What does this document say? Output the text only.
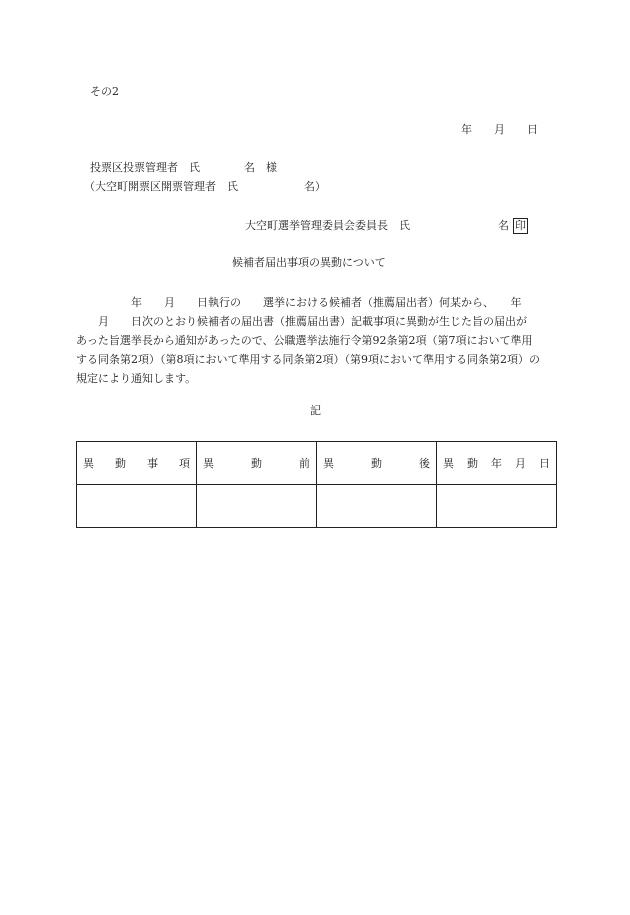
その2
年　　月　　日
投票区投票管理者　氏　　　　名　様
（大空町開票区開票管理者　氏　　　　　　名）
大空町選挙管理委員会委員長　氏　　　　　　　　名 印
候補者届出事項の異動について
　　　　　年　　月　　日執行の　　選挙における候補者（推薦届出者）何某から、　　年
　　月　　日次のとおり候補者の届出書（推薦届出書）記載事項に異動が生じた旨の届出が
あった旨選挙長から通知があったので、公職選挙法施行令第92条第2項（第7項において準用
する同条第2項）（第8項において準用する同条第2項）（第9項において準用する同条第2項）の
規定により通知します。
記
異 動 事 項	異 動 前	異 動 後	異 動 年 月 日
